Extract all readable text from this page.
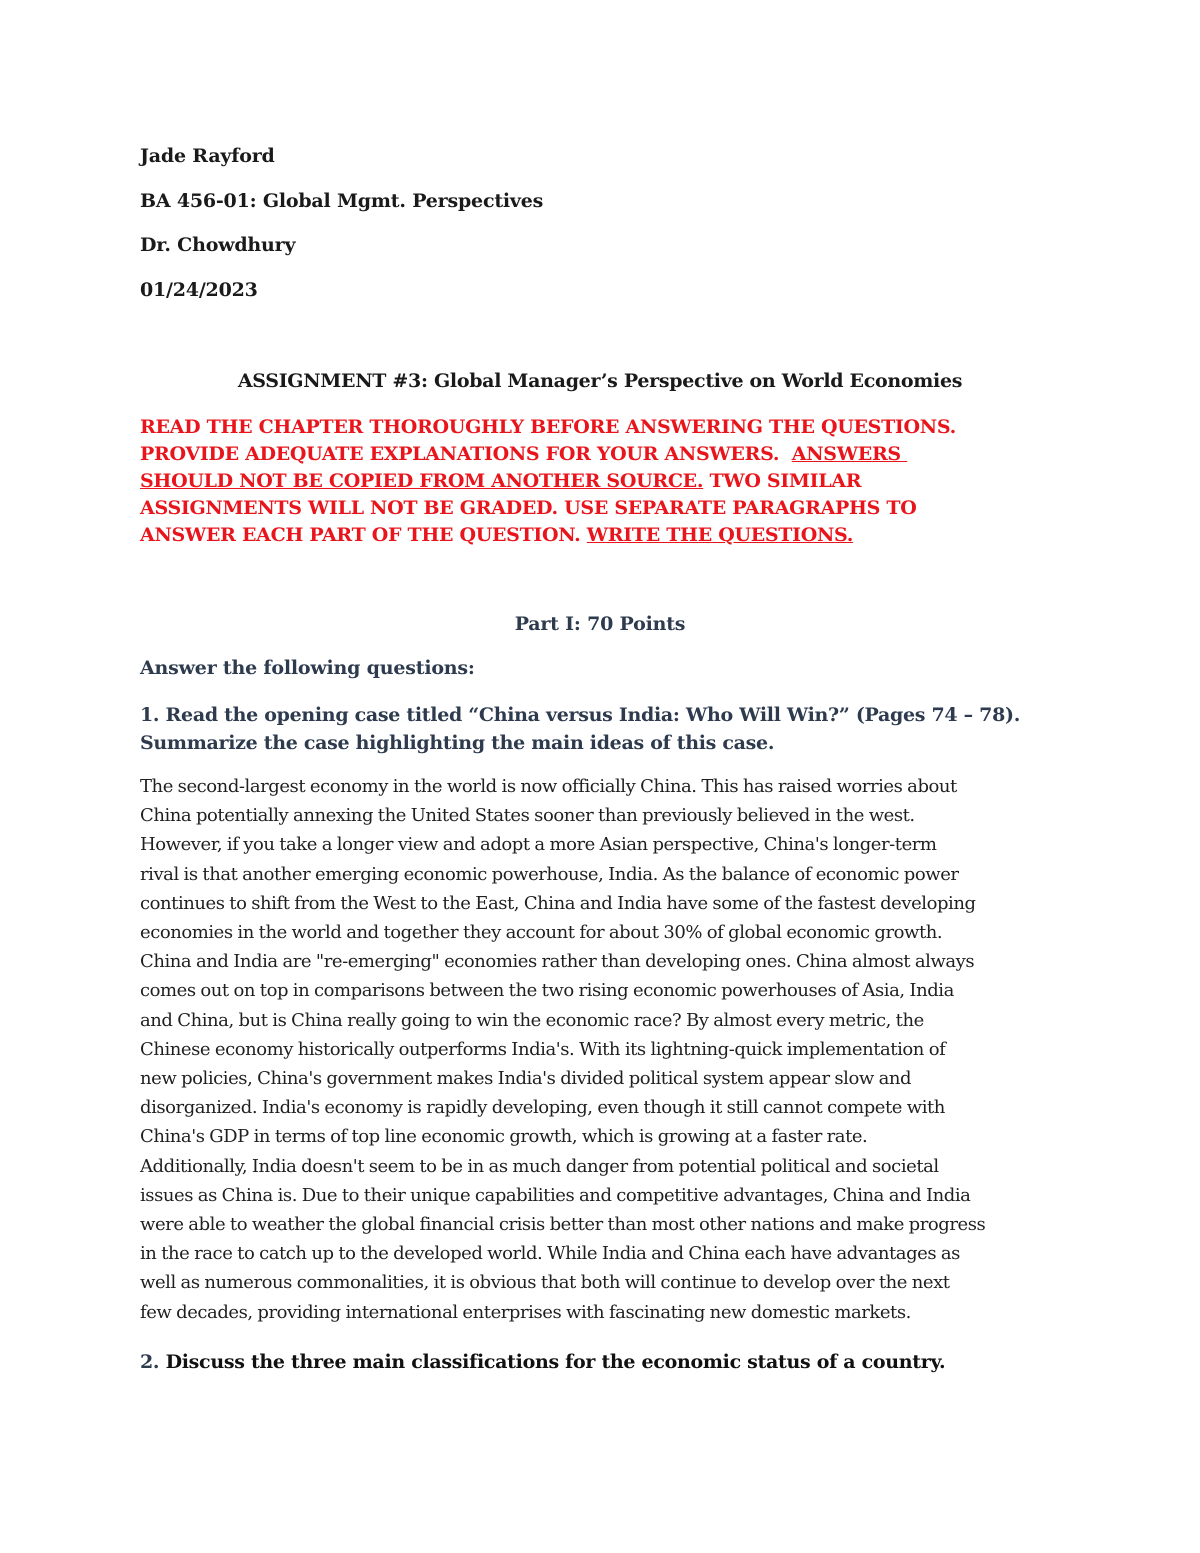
Jade Rayford
BA 456-01: Global Mgmt. Perspectives
Dr. Chowdhury
01/24/2023
ASSIGNMENT #3: Global Manager’s Perspective on World Economies
READ THE CHAPTER THOROUGHLY BEFORE ANSWERING THE QUESTIONS.
PROVIDE ADEQUATE EXPLANATIONS FOR YOUR ANSWERS.  ANSWERS
SHOULD NOT BE COPIED FROM ANOTHER SOURCE. TWO SIMILAR
ASSIGNMENTS WILL NOT BE GRADED. USE SEPARATE PARAGRAPHS TO
ANSWER EACH PART OF THE QUESTION. WRITE THE QUESTIONS.
Part I: 70 Points
Answer the following questions:
1. Read the opening case titled “China versus India: Who Will Win?” (Pages 74 – 78).
Summarize the case highlighting the main ideas of this case.
The second-largest economy in the world is now officially China. This has raised worries about
China potentially annexing the United States sooner than previously believed in the west.
However, if you take a longer view and adopt a more Asian perspective, China's longer-term
rival is that another emerging economic powerhouse, India. As the balance of economic power
continues to shift from the West to the East, China and India have some of the fastest developing
economies in the world and together they account for about 30% of global economic growth.
China and India are "re-emerging" economies rather than developing ones. China almost always
comes out on top in comparisons between the two rising economic powerhouses of Asia, India
and China, but is China really going to win the economic race? By almost every metric, the
Chinese economy historically outperforms India's. With its lightning-quick implementation of
new policies, China's government makes India's divided political system appear slow and
disorganized. India's economy is rapidly developing, even though it still cannot compete with
China's GDP in terms of top line economic growth, which is growing at a faster rate.
Additionally, India doesn't seem to be in as much danger from potential political and societal
issues as China is. Due to their unique capabilities and competitive advantages, China and India
were able to weather the global financial crisis better than most other nations and make progress
in the race to catch up to the developed world. While India and China each have advantages as
well as numerous commonalities, it is obvious that both will continue to develop over the next
few decades, providing international enterprises with fascinating new domestic markets.
2. Discuss the three main classifications for the economic status of a country.
